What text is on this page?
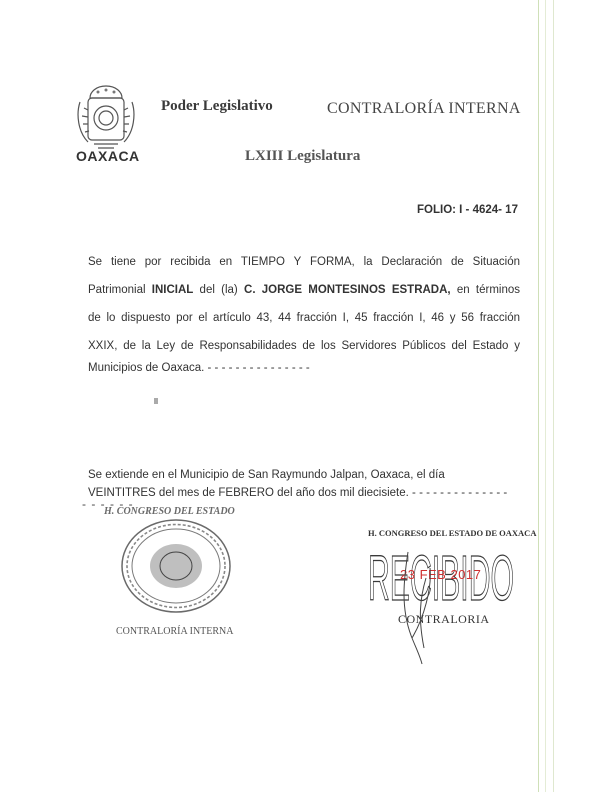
OAXACA
Poder Legislativo	CONTRALORÍA INTERNA
LXIII Legislatura
FOLIO: I - 4624- 17
Se tiene por recibida en TIEMPO Y FORMA, la Declaración de Situación
Patrimonial INICIAL del (la) C. JORGE MONTESINOS ESTRADA, en términos
de lo dispuesto por el artículo 43, 44 fracción I, 45 fracción I, 46 y 56 fracción
XXIX, de la Ley de Responsabilidades de los Servidores Públicos del Estado y
Municipios de Oaxaca. - - - - - - - - - - - - - - -
Se extiende en el Municipio de San Raymundo Jalpan, Oaxaca, el día
VEINTITRES del mes de FEBRERO del año dos mil diecisiete. - - - - - - - - - - - - - -
- - - - - -
H. CONGRESO DEL ESTADO
CONTRALORÍA INTERNA
H. CONGRESO DEL ESTADO DE OAXACA
RECIBIDO
23 FEB 2017
CONTRALORIA
